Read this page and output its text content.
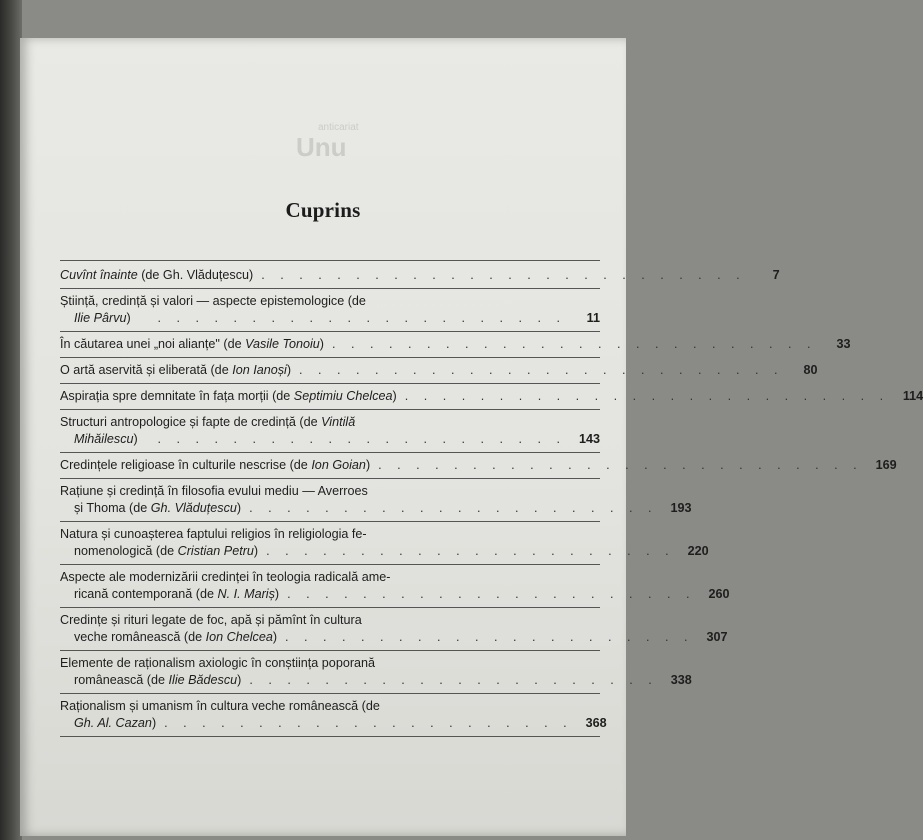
anticariat
Unu
Cuprins
Cuvînt înainte (de Gh. Vlăduțescu) . . . . . . . . . . . . . . . . . . . . . . . . . .	7
Știință, credință și valori — aspecte epistemologice (de
Ilie Pârvu)	. . . . . . . . . . . . . . . . . . . . . .	11
În căutarea unei „noi alianțe" (de Vasile Tonoiu) . . . . . . . . . . . . . . . . . . . . . . . . . .	33
O artă aservită și eliberată (de Ion Ianoși) . . . . . . . . . . . . . . . . . . . . . . . . . .	80
Aspirația spre demnitate în fața morții (de Septimiu Chelcea) . . . . . . . . . . . . . . . . . . . . . . . . . .	114
Structuri antropologice și fapte de credință (de Vintilă
Mihăilescu)	. . . . . . . . . . . . . . . . . . . . . .	143
Credințele religioase în culturile nescrise (de Ion Goian) . . . . . . . . . . . . . . . . . . . . . . . . . .	169
Rațiune și credință în filosofia evului mediu — Averroes
și Thoma (de Gh. Vlăduțescu) . . . . . . . . . . . . . . . . . . . . . .	193
Natura și cunoașterea faptului religios în religiologia fe-
nomenologică (de Cristian Petru) . . . . . . . . . . . . . . . . . . . . . .	220
Aspecte ale modernizării credinței în teologia radicală ame-
ricană contemporană (de N. I. Mariș) . . . . . . . . . . . . . . . . . . . . . .	260
Credințe și rituri legate de foc, apă și pămînt în cultura
veche românească (de Ion Chelcea) . . . . . . . . . . . . . . . . . . . . . .	307
Elemente de raționalism axiologic în conștiința poporană
românească (de Ilie Bădescu) . . . . . . . . . . . . . . . . . . . . . .	338
Raționalism și umanism în cultura veche românească (de
Gh. Al. Cazan) . . . . . . . . . . . . . . . . . . . . . .	368
